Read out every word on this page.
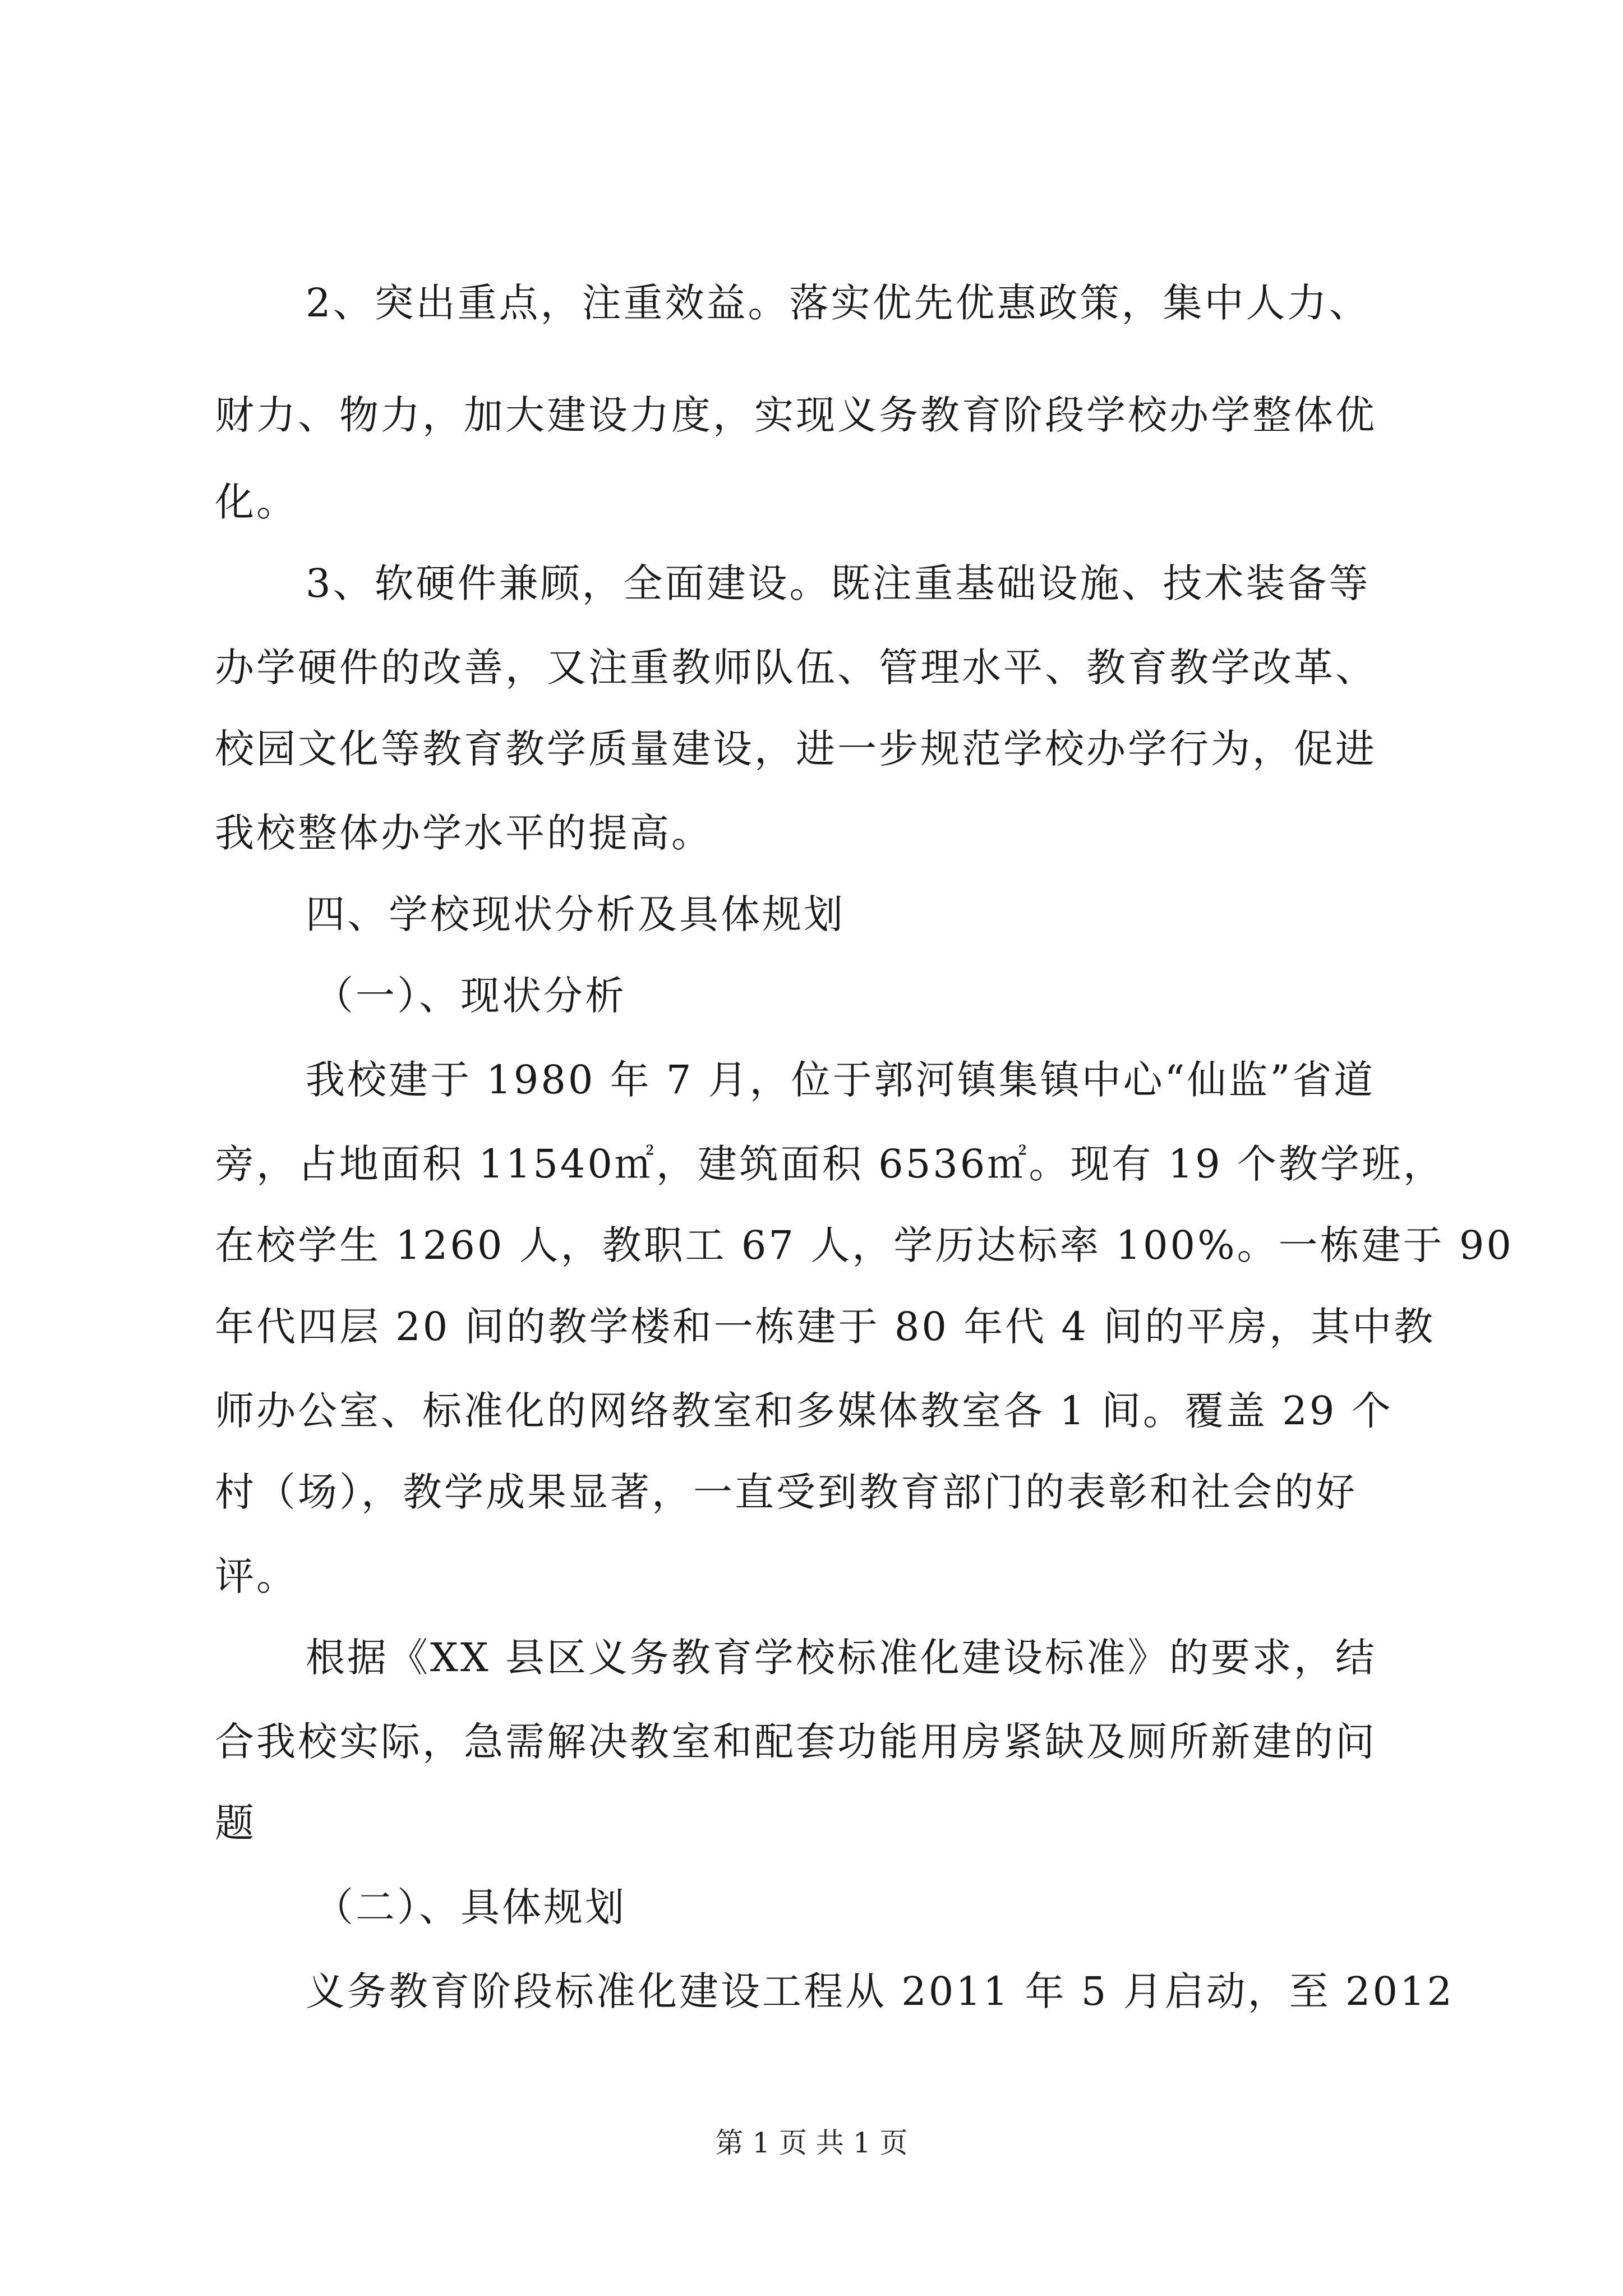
2、突出重点，注重效益。落实优先优惠政策，集中人力、
财力、物力，加大建设力度，实现义务教育阶段学校办学整体优
化。
3、软硬件兼顾，全面建设。既注重基础设施、技术装备等
办学硬件的改善，又注重教师队伍、管理水平、教育教学改革、
校园文化等教育教学质量建设，进一步规范学校办学行为，促进
我校整体办学水平的提高。
四、学校现状分析及具体规划
（一）、现状分析
我校建于 1980 年 7 月，位于郭河镇集镇中心“仙监”省道
旁，占地面积 11540㎡，建筑面积 6536㎡。现有 19 个教学班，
在校学生 1260 人，教职工 67 人，学历达标率 100%。一栋建于 90
年代四层 20 间的教学楼和一栋建于 80 年代 4 间的平房，其中教
师办公室、标准化的网络教室和多媒体教室各 1 间。覆盖 29 个
村（场），教学成果显著，一直受到教育部门的表彰和社会的好
评。
根据《XX 县区义务教育学校标准化建设标准》的要求，结
合我校实际，急需解决教室和配套功能用房紧缺及厕所新建的问
题
（二）、具体规划
义务教育阶段标准化建设工程从 2011 年 5 月启动，至 2012
第 1 页 共 1 页
